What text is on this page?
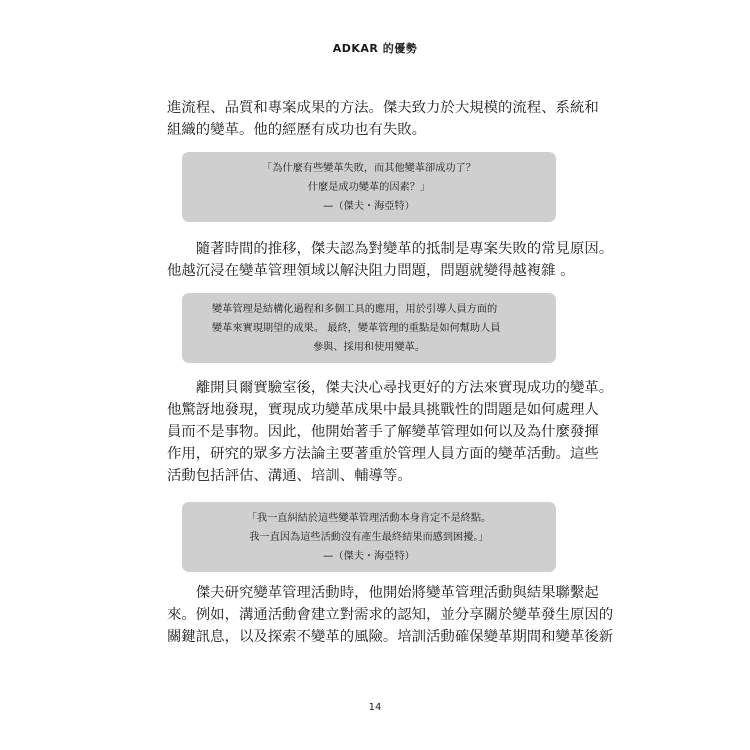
ADKAR 的優勢

進流程、品質和專案成果的方法。傑夫致力於大規模的流程、系統和
組織的變革。他的經歷有成功也有失敗。

「為什麼有些變革失敗，而其他變革卻成功了？
什麼是成功變革的因素？」
—（傑夫・海亞特）

　　隨著時間的推移，傑夫認為對變革的抵制是專案失敗的常見原因。
他越沉浸在變革管理領域以解決阻力問題，問題就變得越複雜 。

變革管理是結構化過程和多個工具的應用，用於引導人員方面的
變革來實現期望的成果。 最終，變革管理的重點是如何幫助人員
參與、採用和使用變革。

　　離開貝爾實驗室後，傑夫決心尋找更好的方法來實現成功的變革。
他驚訝地發現，實現成功變革成果中最具挑戰性的問題是如何處理人
員而不是事物。因此，他開始著手了解變革管理如何以及為什麼發揮
作用，研究的眾多方法論主要著重於管理人員方面的變革活動。這些
活動包括評估、溝通、培訓、輔導等。

「我一直糾結於這些變革管理活動本身肯定不是終點。
我一直因為這些活動沒有產生最終結果而感到困擾。」
—（傑夫・海亞特）

　　傑夫研究變革管理活動時，他開始將變革管理活動與結果聯繫起
來。例如，溝通活動會建立對需求的認知，並分享關於變革發生原因的
關鍵訊息，以及探索不變革的風險。培訓活動確保變革期間和變革後新

14
